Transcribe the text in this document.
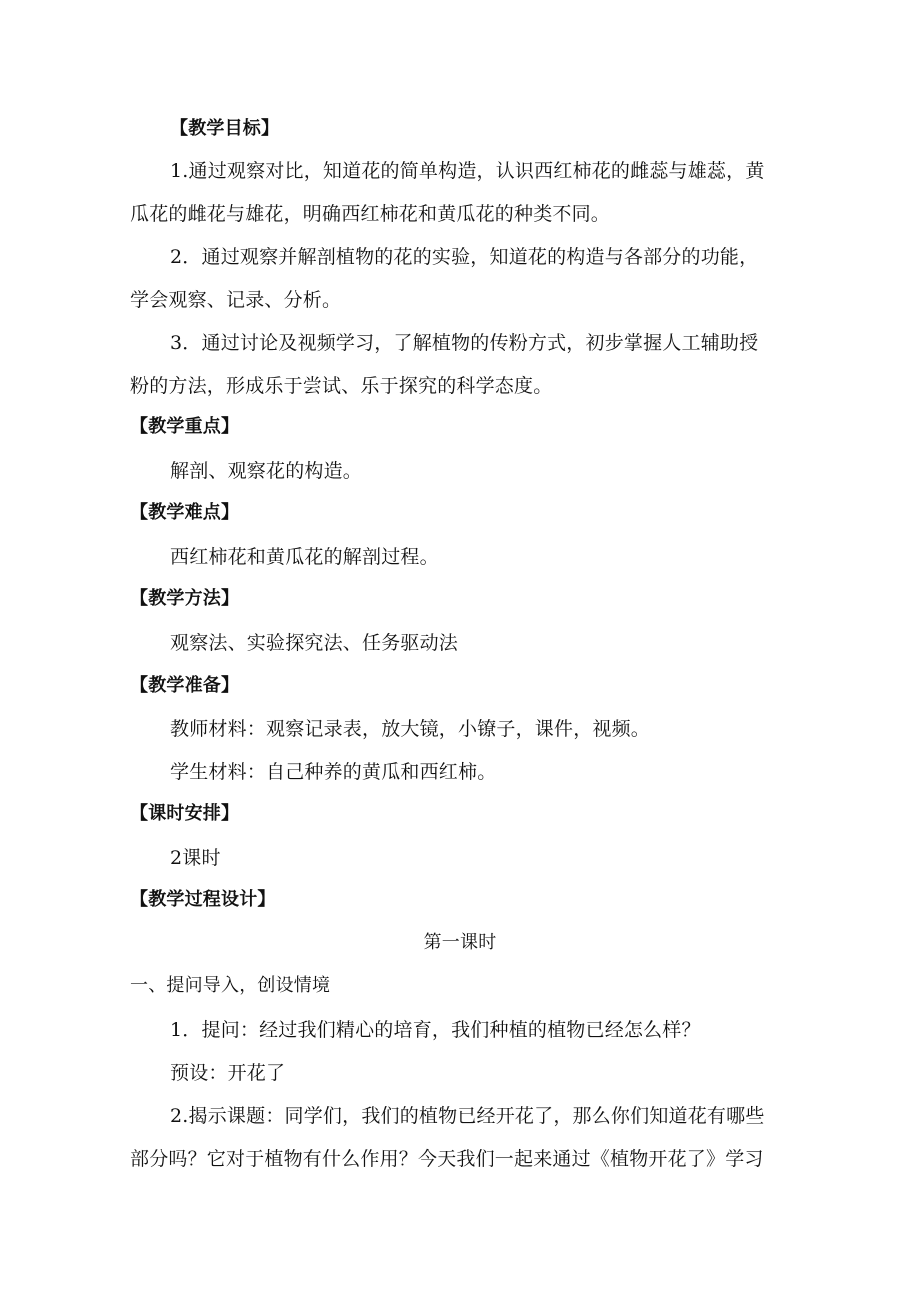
【教学目标】
1.通过观察对比，知道花的简单构造，认识西红柿花的雌蕊与雄蕊，黄
瓜花的雌花与雄花，明确西红柿花和黄瓜花的种类不同。
2．通过观察并解剖植物的花的实验，知道花的构造与各部分的功能，
学会观察、记录、分析。
3．通过讨论及视频学习，了解植物的传粉方式，初步掌握人工辅助授
粉的方法，形成乐于尝试、乐于探究的科学态度。
【教学重点】
解剖、观察花的构造。
【教学难点】
西红柿花和黄瓜花的解剖过程。
【教学方法】
观察法、实验探究法、任务驱动法
【教学准备】
教师材料：观察记录表，放大镜，小镣子，课件，视频。
学生材料：自己种养的黄瓜和西红柿。
【课时安排】
2课时
【教学过程设计】
第一课时
一、提问导入，创设情境
1．提问：经过我们精心的培育，我们种植的植物已经怎么样？
预设：开花了
2.揭示课题：同学们，我们的植物已经开花了，那么你们知道花有哪些
部分吗？它对于植物有什么作用？今天我们一起来通过《植物开花了》学习
